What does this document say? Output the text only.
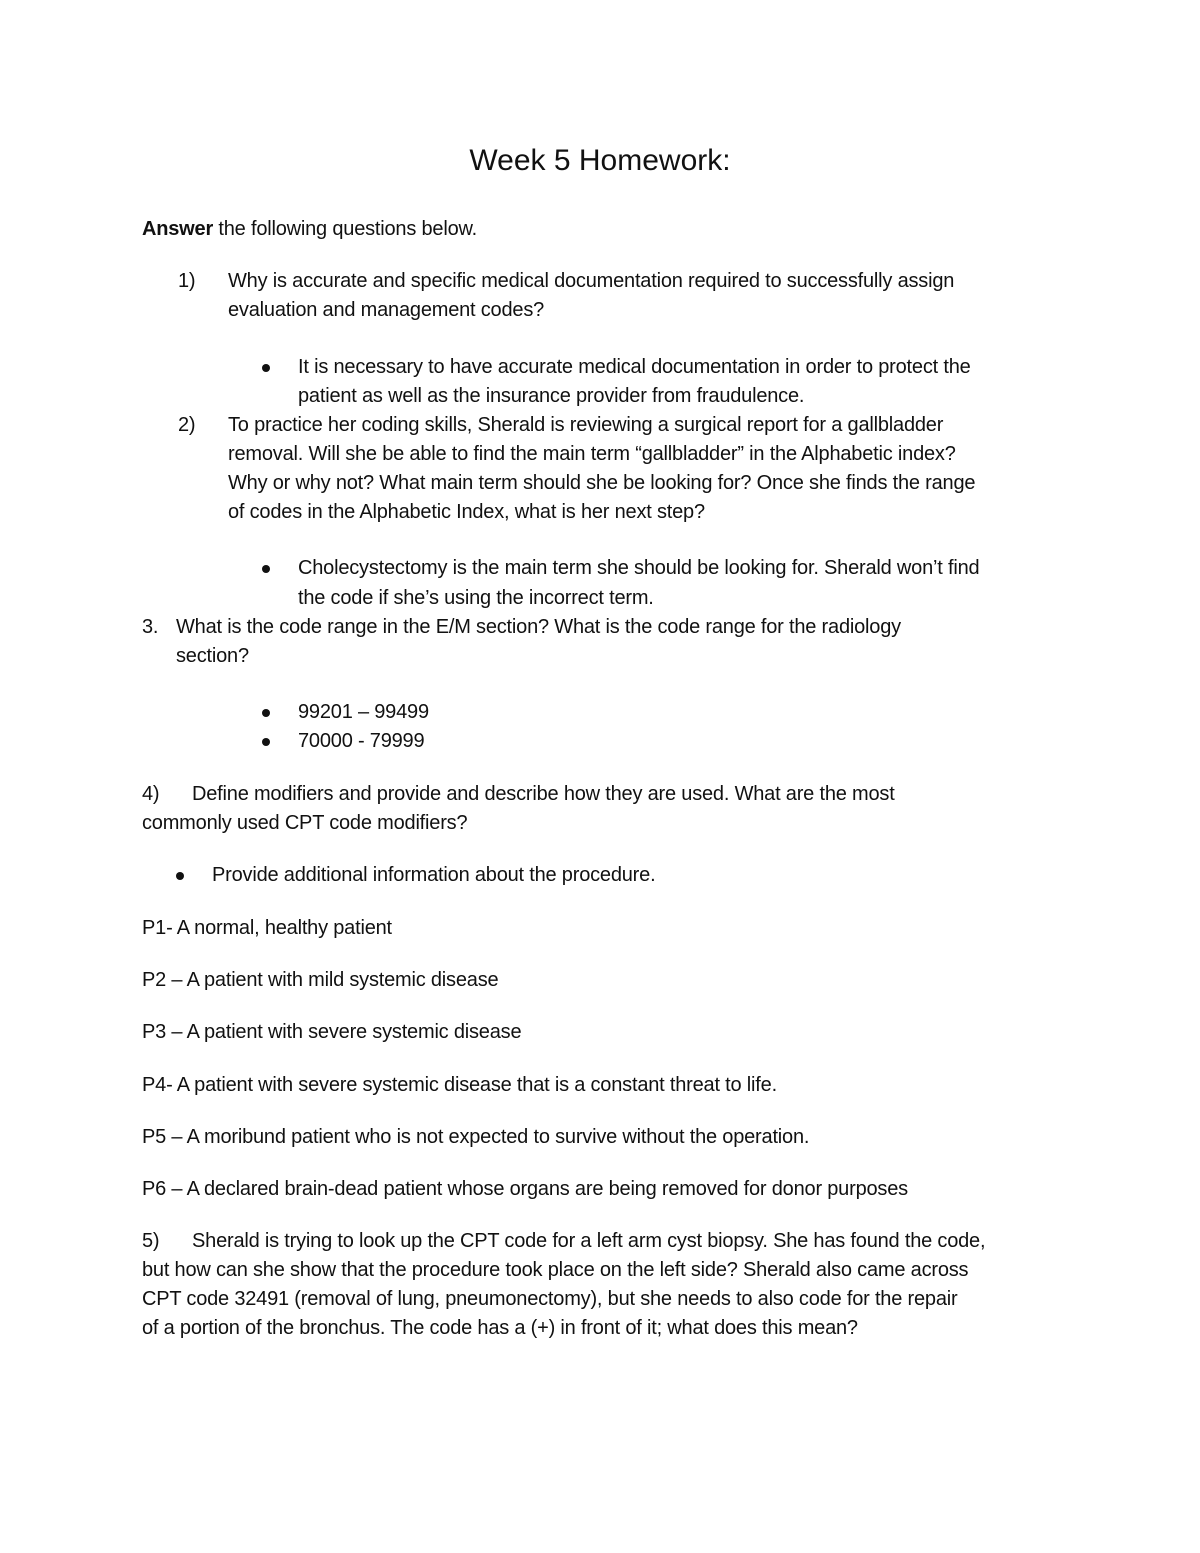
Week 5 Homework:
Answer the following questions below.
1) Why is accurate and specific medical documentation required to successfully assign
evaluation and management codes?
It is necessary to have accurate medical documentation in order to protect the
patient as well as the insurance provider from fraudulence.
2) To practice her coding skills, Sherald is reviewing a surgical report for a gallbladder
removal. Will she be able to find the main term “gallbladder” in the Alphabetic index?
Why or why not? What main term should she be looking for? Once she finds the range
of codes in the Alphabetic Index, what is her next step?
Cholecystectomy is the main term she should be looking for. Sherald won’t find
the code if she’s using the incorrect term.
3. What is the code range in the E/M section? What is the code range for the radiology
section?
99201 – 99499
70000 - 79999
4) Define modifiers and provide and describe how they are used. What are the most
commonly used CPT code modifiers?
Provide additional information about the procedure.
P1- A normal, healthy patient
P2 – A patient with mild systemic disease
P3 – A patient with severe systemic disease
P4- A patient with severe systemic disease that is a constant threat to life.
P5 – A moribund patient who is not expected to survive without the operation.
P6 – A declared brain-dead patient whose organs are being removed for donor purposes
5) Sherald is trying to look up the CPT code for a left arm cyst biopsy. She has found the code,
but how can she show that the procedure took place on the left side? Sherald also came across
CPT code 32491 (removal of lung, pneumonectomy), but she needs to also code for the repair
of a portion of the bronchus. The code has a (+) in front of it; what does this mean?
